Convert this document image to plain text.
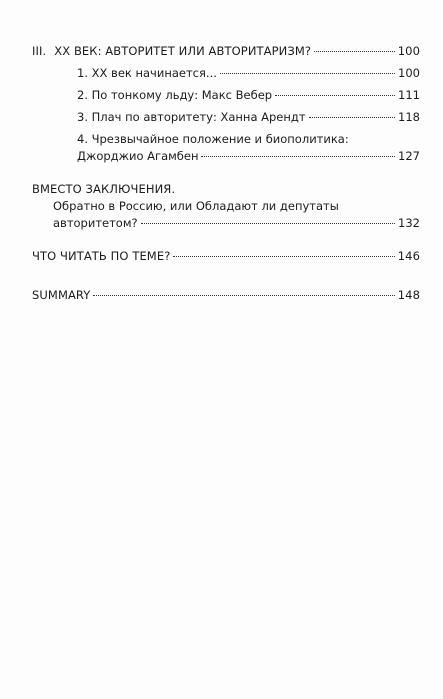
III. XX ВЕК: АВТОРИТЕТ ИЛИ АВТОРИТАРИЗМ?	100
1. XX век начинается...	100
2. По тонкому льду: Макс Вебер	111
3. Плач по авторитету: Ханна Арендт	118
4. Чрезвычайное положение и биополитика:
Джорджио Агамбен	127
ВМЕСТО ЗАКЛЮЧЕНИЯ.
Обратно в Россию, или Обладают ли депутаты
авторитетом?	132
ЧТО ЧИТАТЬ ПО ТЕМЕ?	146
SUMMARY	148
